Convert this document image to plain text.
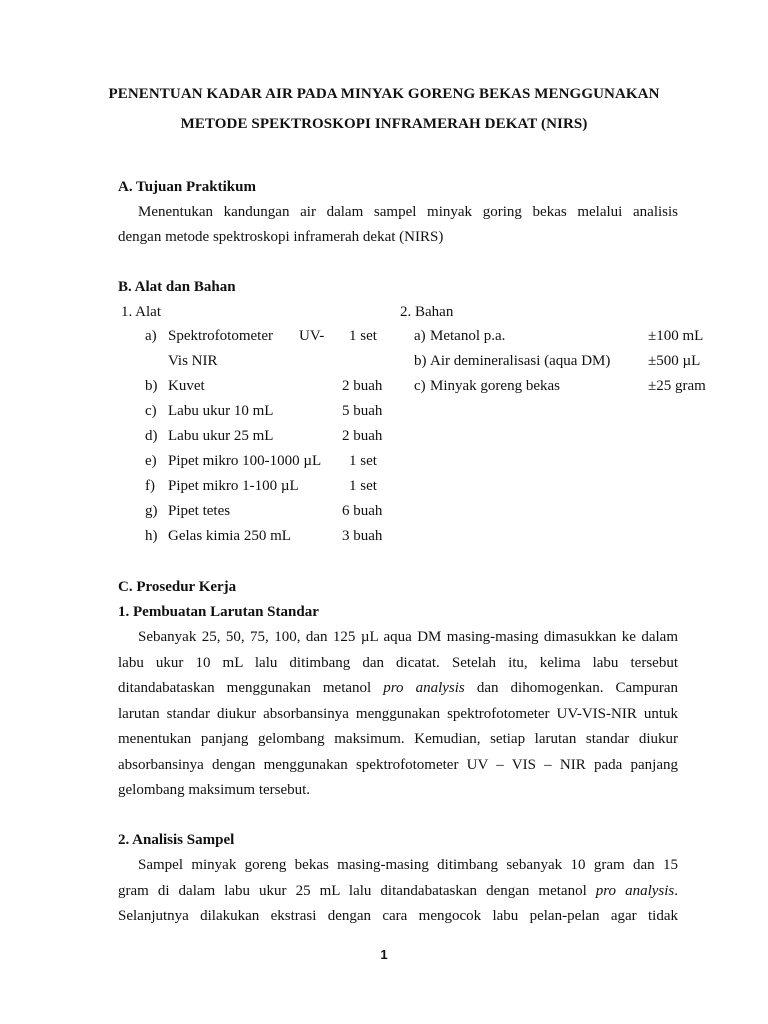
PENENTUAN KADAR AIR PADA MINYAK GORENG BEKAS MENGGUNAKAN
METODE SPEKTROSKOPI INFRAMERAH DEKAT (NIRS)
A. Tujuan Praktikum
Menentukan kandungan air dalam sampel minyak goring bekas melalui analisis
dengan metode spektroskopi inframerah dekat (NIRS)
B. Alat dan Bahan
1. Alat	2. Bahan
a) Spektrofotometer UV- 1 set
Vis NIR
b) Kuvet	2 buah
c) Labu ukur 10 mL	5 buah
d) Labu ukur 25 mL	2 buah
e) Pipet mikro 100-1000 µL 1 set
f) Pipet mikro 1-100 µL	1 set
g) Pipet tetes	6 buah
h) Gelas kimia 250 mL	3 buah
a) Metanol p.a.	±100 mL
b) Air demineralisasi (aqua DM)	±500 µL
c) Minyak goreng bekas	±25 gram
C. Prosedur Kerja
1. Pembuatan Larutan Standar
Sebanyak 25, 50, 75, 100, dan 125 µL aqua DM masing-masing dimasukkan ke dalam
labu ukur 10 mL lalu ditimbang dan dicatat. Setelah itu, kelima labu tersebut
ditandabataskan menggunakan metanol pro analysis dan dihomogenkan. Campuran
larutan standar diukur absorbansinya menggunakan spektrofotometer UV-VIS-NIR untuk
menentukan panjang gelombang maksimum. Kemudian, setiap larutan standar diukur
absorbansinya dengan menggunakan spektrofotometer UV – VIS – NIR pada panjang
gelombang maksimum tersebut.
2. Analisis Sampel
Sampel minyak goreng bekas masing-masing ditimbang sebanyak 10 gram dan 15
gram di dalam labu ukur 25 mL lalu ditandabataskan dengan metanol pro analysis.
Selanjutnya dilakukan ekstrasi dengan cara mengocok labu pelan-pelan agar tidak
1
